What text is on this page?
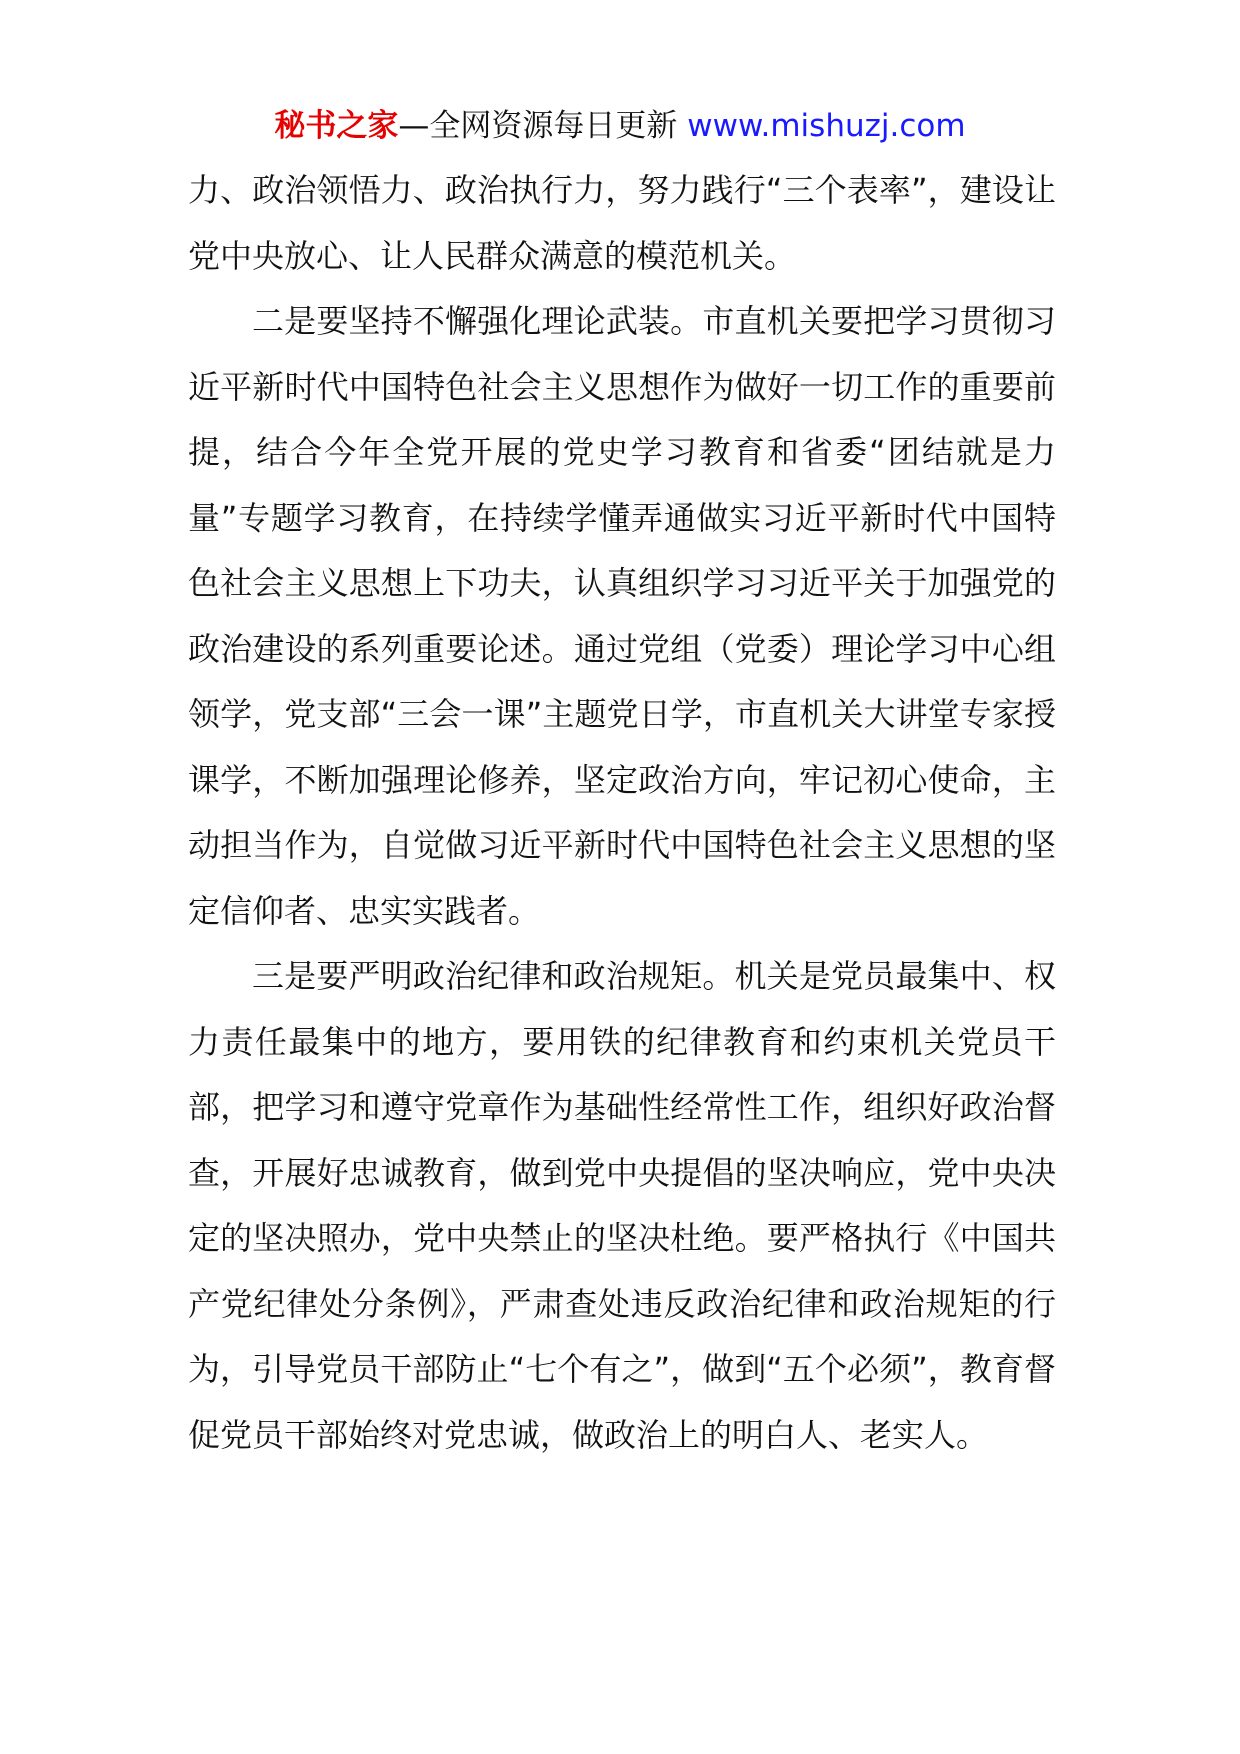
秘书之家—全网资源每日更新 www.mishuzj.com

力、政治领悟力、政治执行力，努力践行“三个表率”，建设让党中央放心、让人民群众满意的模范机关。

二是要坚持不懈强化理论武装。市直机关要把学习贯彻习近平新时代中国特色社会主义思想作为做好一切工作的重要前提，结合今年全党开展的党史学习教育和省委“团结就是力量”专题学习教育，在持续学懂弄通做实习近平新时代中国特色社会主义思想上下功夫，认真组织学习习近平关于加强党的政治建设的系列重要论述。通过党组（党委）理论学习中心组领学，党支部“三会一课”主题党日学，市直机关大讲堂专家授课学，不断加强理论修养，坚定政治方向，牢记初心使命，主动担当作为，自觉做习近平新时代中国特色社会主义思想的坚定信仰者、忠实实践者。

三是要严明政治纪律和政治规矩。机关是党员最集中、权力责任最集中的地方，要用铁的纪律教育和约束机关党员干部，把学习和遵守党章作为基础性经常性工作，组织好政治督查，开展好忠诚教育，做到党中央提倡的坚决响应，党中央决定的坚决照办，党中央禁止的坚决杜绝。要严格执行《中国共产党纪律处分条例》，严肃查处违反政治纪律和政治规矩的行为，引导党员干部防止“七个有之”，做到“五个必须”，教育督促党员干部始终对党忠诚，做政治上的明白人、老实人。
